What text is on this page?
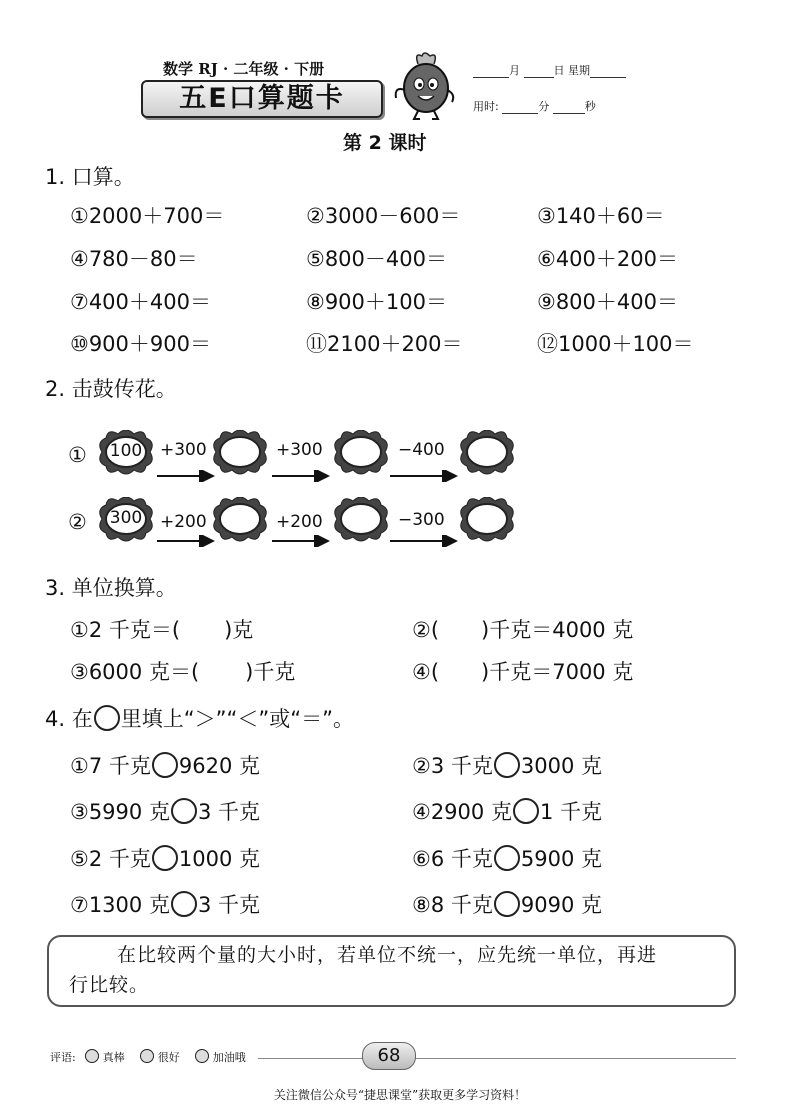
数学 RJ · 二年级 · 下册
五E口算题卡
月	日 星期
用时:	分	秒
第 2 课时
1. 口算。
①2000＋700＝	②3000－600＝	③140＋60＝
④780－80＝	⑤800－400＝	⑥400＋200＝
⑦400＋400＝	⑧900＋100＝	⑨800＋400＝
⑩900＋900＝	⑪2100＋200＝	⑫1000＋100＝
2. 击鼓传花。
①	100	+300	+300	−400
②	300	+200	+200	−300
3. 单位换算。
①2 千克＝( )克	②( )千克＝4000 克
③6000 克＝( )千克	④( )千克＝7000 克
4. 在 里填上“＞”“＜”或“＝”。
①7 千克 9620 克	②3 千克 3000 克
③5990 克 3 千克	④2900 克 1 千克
⑤2 千克 1000 克	⑥6 千克 5900 克
⑦1300 克 3 千克	⑧8 千克 9090 克
在比较两个量的大小时，若单位不统一，应先统一单位，再进
行比较。
评语: 真棒	很好	加油哦	68
关注微信公众号“捷思课堂”获取更多学习资料！
